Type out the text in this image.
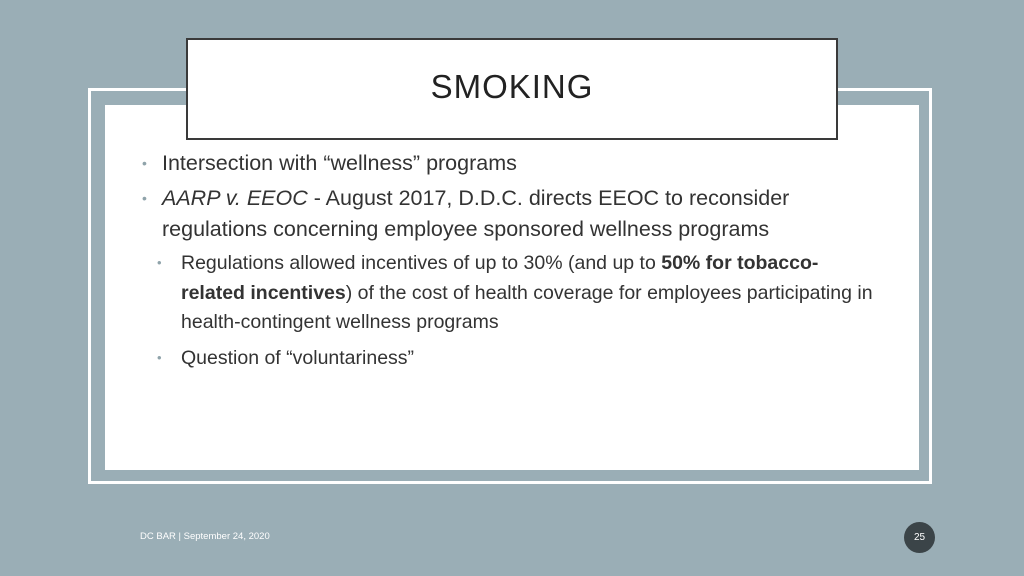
SMOKING

• Intersection with “wellness” programs

• AARP v. EEOC - August 2017, D.D.C. directs EEOC to reconsider regulations concerning employee sponsored wellness programs

• Regulations allowed incentives of up to 30% (and up to 50% for tobacco-related incentives) of the cost of health coverage for employees participating in health-contingent wellness programs

• Question of “voluntariness”

DC BAR | September 24, 2020	25
